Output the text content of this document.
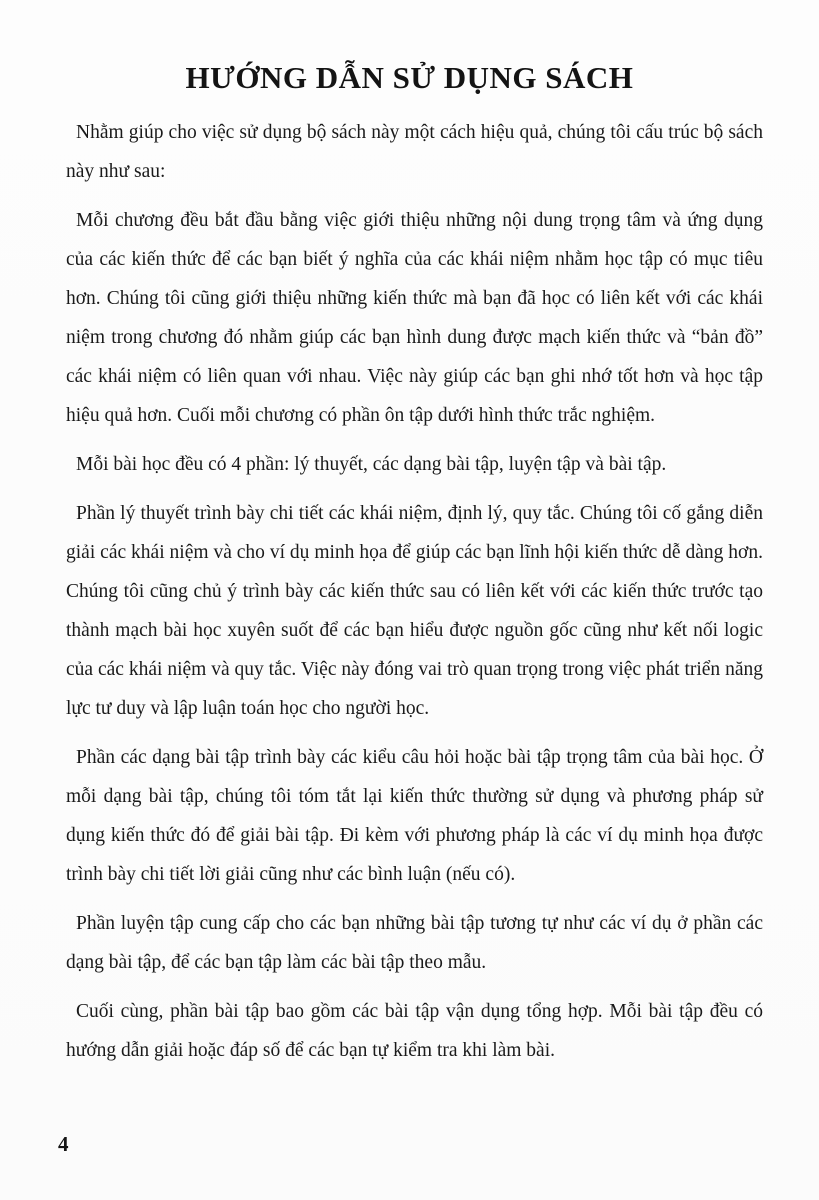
HƯỚNG DẪN SỬ DỤNG SÁCH

Nhằm giúp cho việc sử dụng bộ sách này một cách hiệu quả, chúng tôi cấu trúc bộ sách này như sau:

Mỗi chương đều bắt đầu bằng việc giới thiệu những nội dung trọng tâm và ứng dụng của các kiến thức để các bạn biết ý nghĩa của các khái niệm nhằm học tập có mục tiêu hơn. Chúng tôi cũng giới thiệu những kiến thức mà bạn đã học có liên kết với các khái niệm trong chương đó nhằm giúp các bạn hình dung được mạch kiến thức và “bản đồ” các khái niệm có liên quan với nhau. Việc này giúp các bạn ghi nhớ tốt hơn và học tập hiệu quả hơn. Cuối mỗi chương có phần ôn tập dưới hình thức trắc nghiệm.

Mỗi bài học đều có 4 phần: lý thuyết, các dạng bài tập, luyện tập và bài tập.

Phần lý thuyết trình bày chi tiết các khái niệm, định lý, quy tắc. Chúng tôi cố gắng diễn giải các khái niệm và cho ví dụ minh họa để giúp các bạn lĩnh hội kiến thức dễ dàng hơn. Chúng tôi cũng chủ ý trình bày các kiến thức sau có liên kết với các kiến thức trước tạo thành mạch bài học xuyên suốt để các bạn hiểu được nguồn gốc cũng như kết nối logic của các khái niệm và quy tắc. Việc này đóng vai trò quan trọng trong việc phát triển năng lực tư duy và lập luận toán học cho người học.

Phần các dạng bài tập trình bày các kiểu câu hỏi hoặc bài tập trọng tâm của bài học. Ở mỗi dạng bài tập, chúng tôi tóm tắt lại kiến thức thường sử dụng và phương pháp sử dụng kiến thức đó để giải bài tập. Đi kèm với phương pháp là các ví dụ minh họa được trình bày chi tiết lời giải cũng như các bình luận (nếu có).

Phần luyện tập cung cấp cho các bạn những bài tập tương tự như các ví dụ ở phần các dạng bài tập, để các bạn tập làm các bài tập theo mẫu.

Cuối cùng, phần bài tập bao gồm các bài tập vận dụng tổng hợp. Mỗi bài tập đều có hướng dẫn giải hoặc đáp số để các bạn tự kiểm tra khi làm bài.

4
